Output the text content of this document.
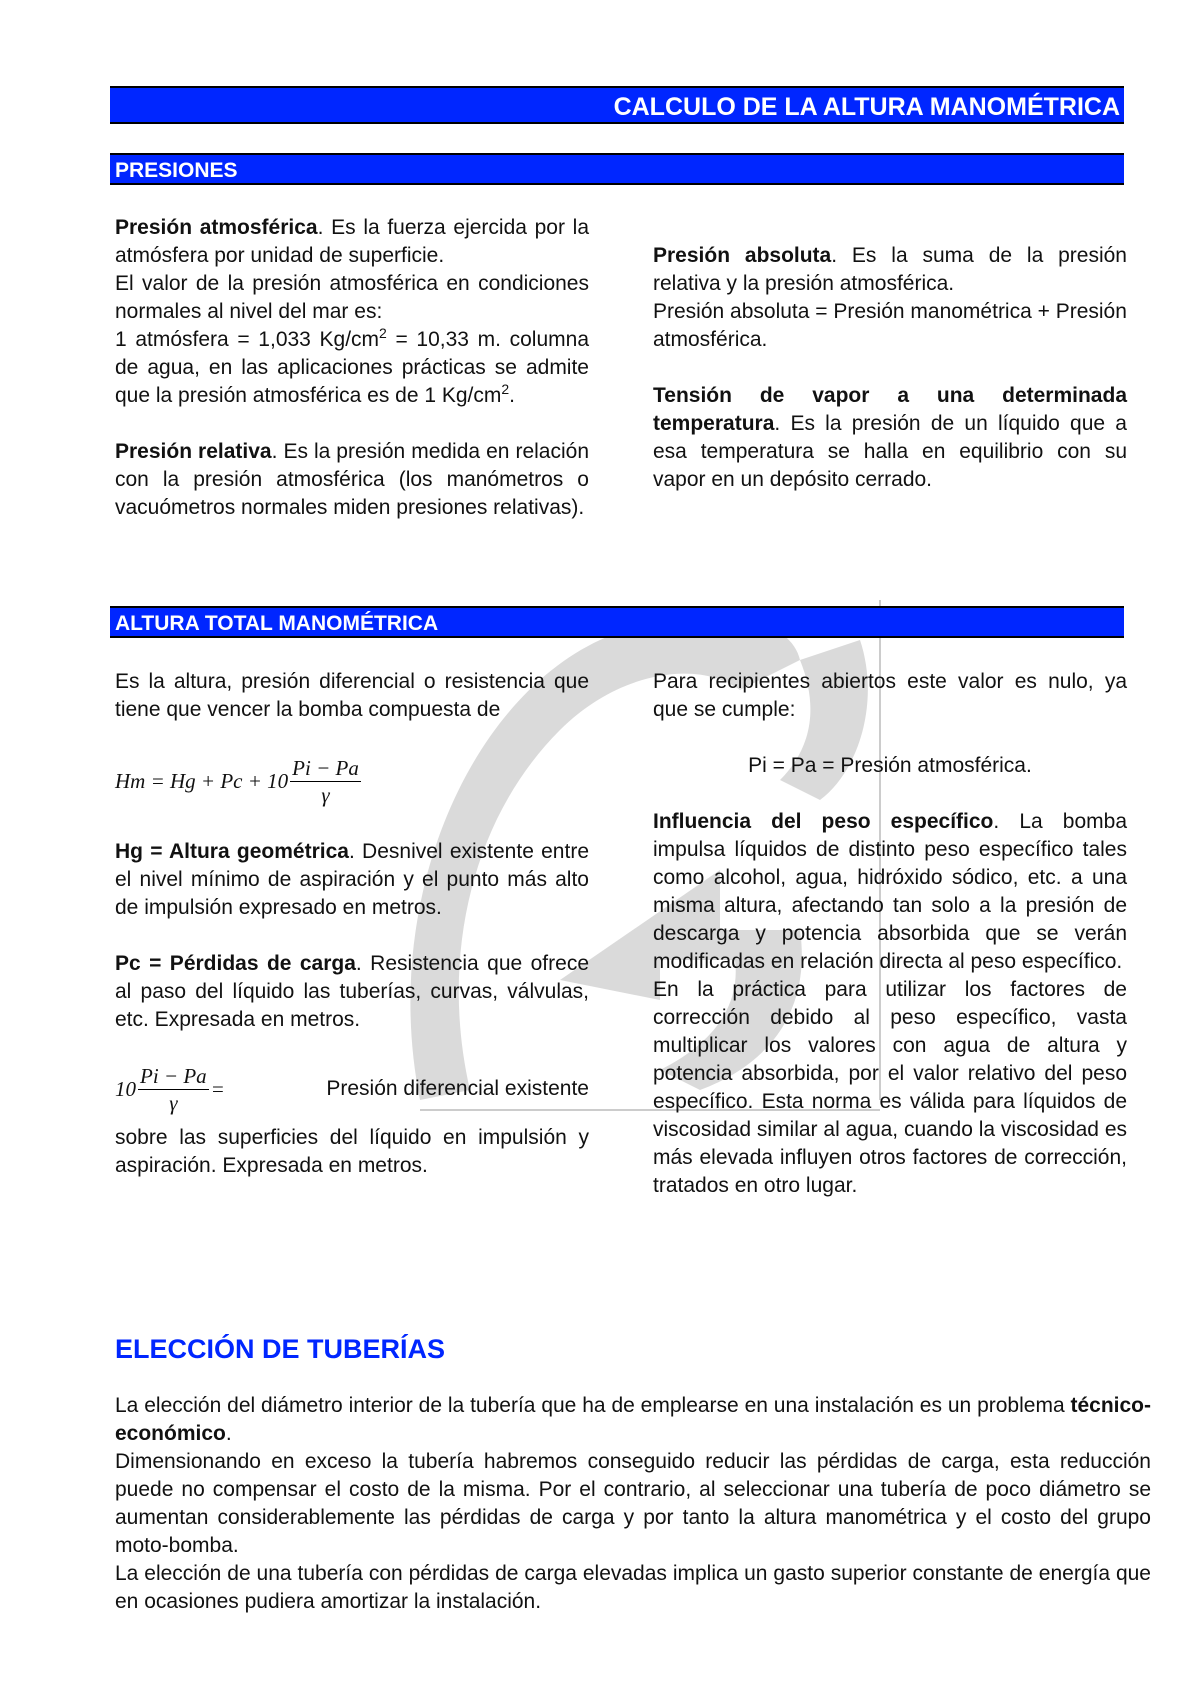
CALCULO DE LA ALTURA MANOMÉTRICA
PRESIONES

Presión atmosférica. Es la fuerza ejercida por la atmósfera por unidad de superficie.

El valor de la presión atmosférica en condiciones normales al nivel del mar es:

1 atmósfera = 1,033 $Kg/cm^2 = 10,33$ m. columna de agua, en las aplicaciones prácticas se admite que la presión atmosférica es de 1 $Kg/cm^2$.

Presión relativa. Es la presión medida en relación con la presión atmosférica (los manómetros o vacuómetros normales miden presiones relativas).

Presión absoluta. Es la suma de la presión relativa y la presión atmosférica.

Presión absoluta = Presión manométrica + Presión atmosférica.

Tensión de vapor a una determinada temperatura. Es la presión de un líquido que a esa temperatura se halla en equilibrio con su vapor en un depósito cerrado.

ALTURA TOTAL MANOMÉTRICA

Es la altura, presión diferencial o resistencia que tiene que vencer la bomba compuesta de

$Hm = Hg + Pc + 10 \frac{Pi - Pa}{\gamma}$

Hg = Altura geométrica. Desnivel existente entre el nivel mínimo de aspiración y el punto más alto de impulsión expresado en metros.

Pc = Pérdidas de carga. Resistencia que ofrece al paso del líquido las tuberías, curvas, válvulas, etc. Expresada en metros.

$10 \frac{Pi - Pa}{\gamma}$ =	Presión diferencial existente

sobre las superficies del líquido en impulsión y aspiración. Expresada en metros.

Para recipientes abiertos este valor es nulo, ya que se cumple:

Pi = Pa = Presión atmosférica.

Influencia del peso específico. La bomba impulsa líquidos de distinto peso específico tales como alcohol, agua, hidróxido sódico, etc. a una misma altura, afectando tan solo a la presión de descarga y potencia absorbida que se verán modificadas en relación directa al peso específico.

En la práctica para utilizar los factores de corrección debido al peso específico, vasta multiplicar los valores con agua de altura y potencia absorbida, por el valor relativo del peso específico. Esta norma es válida para líquidos de viscosidad similar al agua, cuando la viscosidad es más elevada influyen otros factores de corrección, tratados en otro lugar.

ELECCIÓN DE TUBERÍAS

La elección del diámetro interior de la tubería que ha de emplearse en una instalación es un problema técnico-económico.

Dimensionando en exceso la tubería habremos conseguido reducir las pérdidas de carga, esta reducción puede no compensar el costo de la misma. Por el contrario, al seleccionar una tubería de poco diámetro se aumentan considerablemente las pérdidas de carga y por tanto la altura manométrica y el costo del grupo moto-bomba.

La elección de una tubería con pérdidas de carga elevadas implica un gasto superior constante de energía que en ocasiones pudiera amortizar la instalación.
